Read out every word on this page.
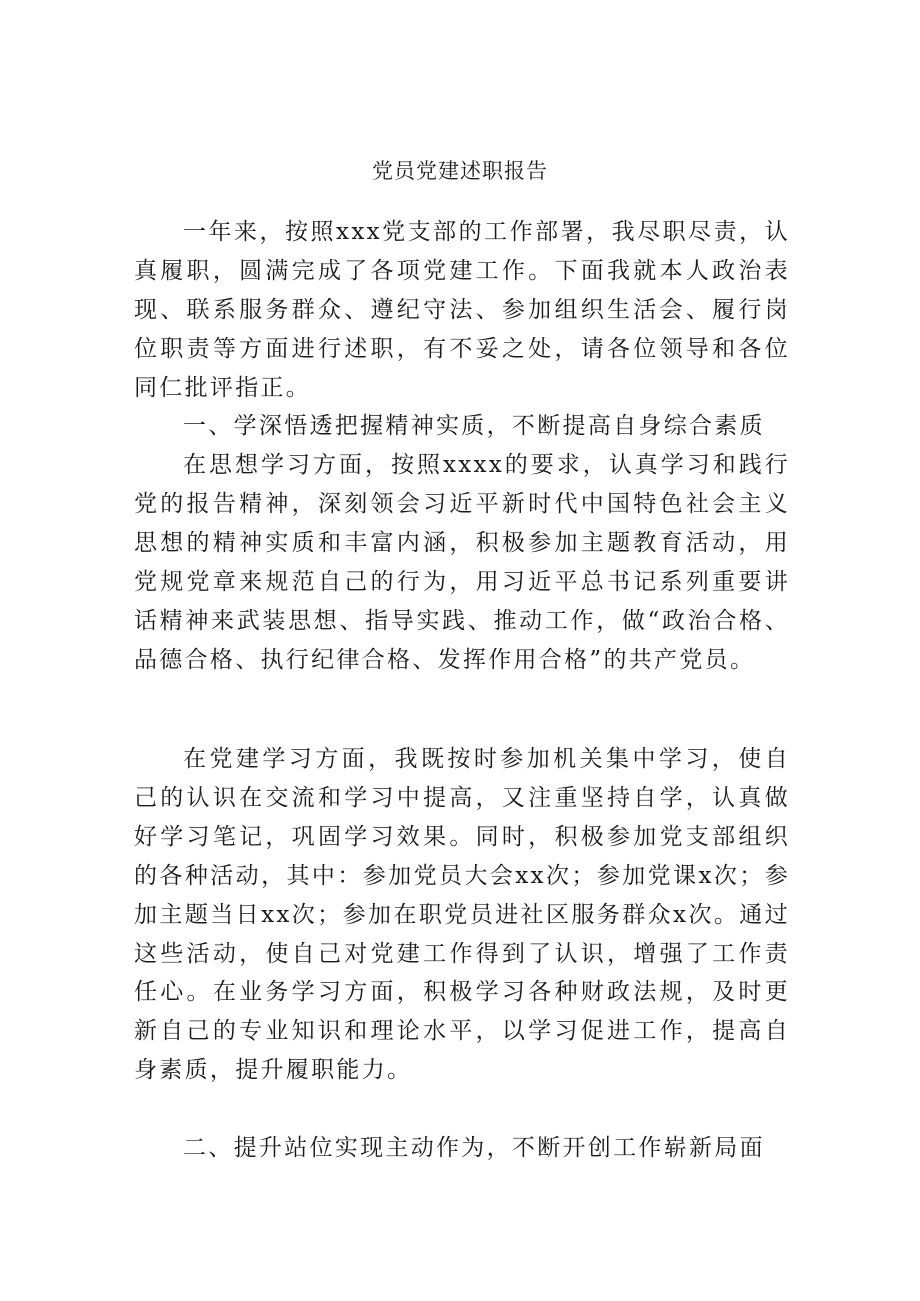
党员党建述职报告

一年来，按照xxx党支部的工作部署，我尽职尽责，认真履职，圆满完成了各项党建工作。下面我就本人政治表现、联系服务群众、遵纪守法、参加组织生活会、履行岗位职责等方面进行述职，有不妥之处，请各位领导和各位同仁批评指正。

一、学深悟透把握精神实质，不断提高自身综合素质

在思想学习方面，按照xxxx的要求，认真学习和践行党的报告精神，深刻领会习近平新时代中国特色社会主义思想的精神实质和丰富内涵，积极参加主题教育活动，用党规党章来规范自己的行为，用习近平总书记系列重要讲话精神来武装思想、指导实践、推动工作，做“政治合格、品德合格、执行纪律合格、发挥作用合格”的共产党员。

在党建学习方面，我既按时参加机关集中学习，使自己的认识在交流和学习中提高，又注重坚持自学，认真做好学习笔记，巩固学习效果。同时，积极参加党支部组织的各种活动，其中：参加党员大会xx次；参加党课x次；参加主题当日xx次；参加在职党员进社区服务群众x次。通过这些活动，使自己对党建工作得到了认识，增强了工作责任心。在业务学习方面，积极学习各种财政法规，及时更新自己的专业知识和理论水平，以学习促进工作，提高自身素质，提升履职能力。

二、提升站位实现主动作为，不断开创工作崭新局面
